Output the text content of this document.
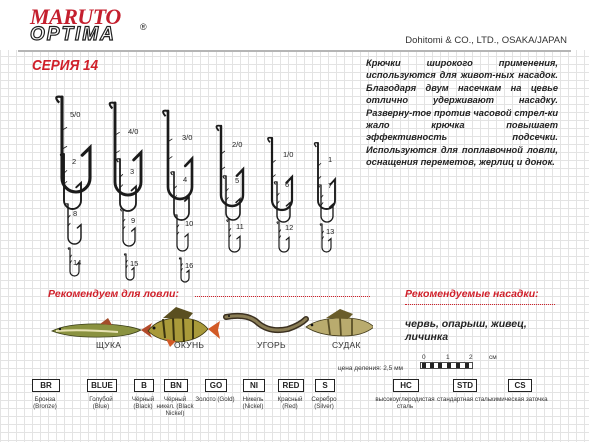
MARUTO
OPTIMA	®
Dohitomi & CO., LTD., OSAKA/JAPAN
СЕРИЯ 14	Крючки широкого применения, используются для живот-ных насадок. Благодаря двум насечкам на цевье отлично удерживают насадку. Разверну-тое против часовой стрел-ки жало крючка повышает эффективность подсечки. Используются для поплавочной ловли, оснащения переметов, жерлиц и донок.
5/0
4/0
3/0
2/0
1/0
1
2
3
4	5	6	7
8
9	10	11	12	13
14	15	16
Рекомендуем для ловли:
ЩУКА	ОКУНЬ	УГОРЬ	СУДАК
Рекомендуемые насадки:
червь, опарыш, живец, личинка
цена деления: 2,5 мм
0	1	2	см
BR
Бронза (Bronze)
BLUE
Голубой (Blue)
B
Чёрный (Black)
BN
Чёрный никел. (Black Nickel)
GO
Золото (Gold)
NI
Никель (Nickel)
RED
Красный (Red)
S
Серебро (Silver)
HC
высокоуглеродистая сталь
STD
стандартная сталь
CS
химическая заточка
